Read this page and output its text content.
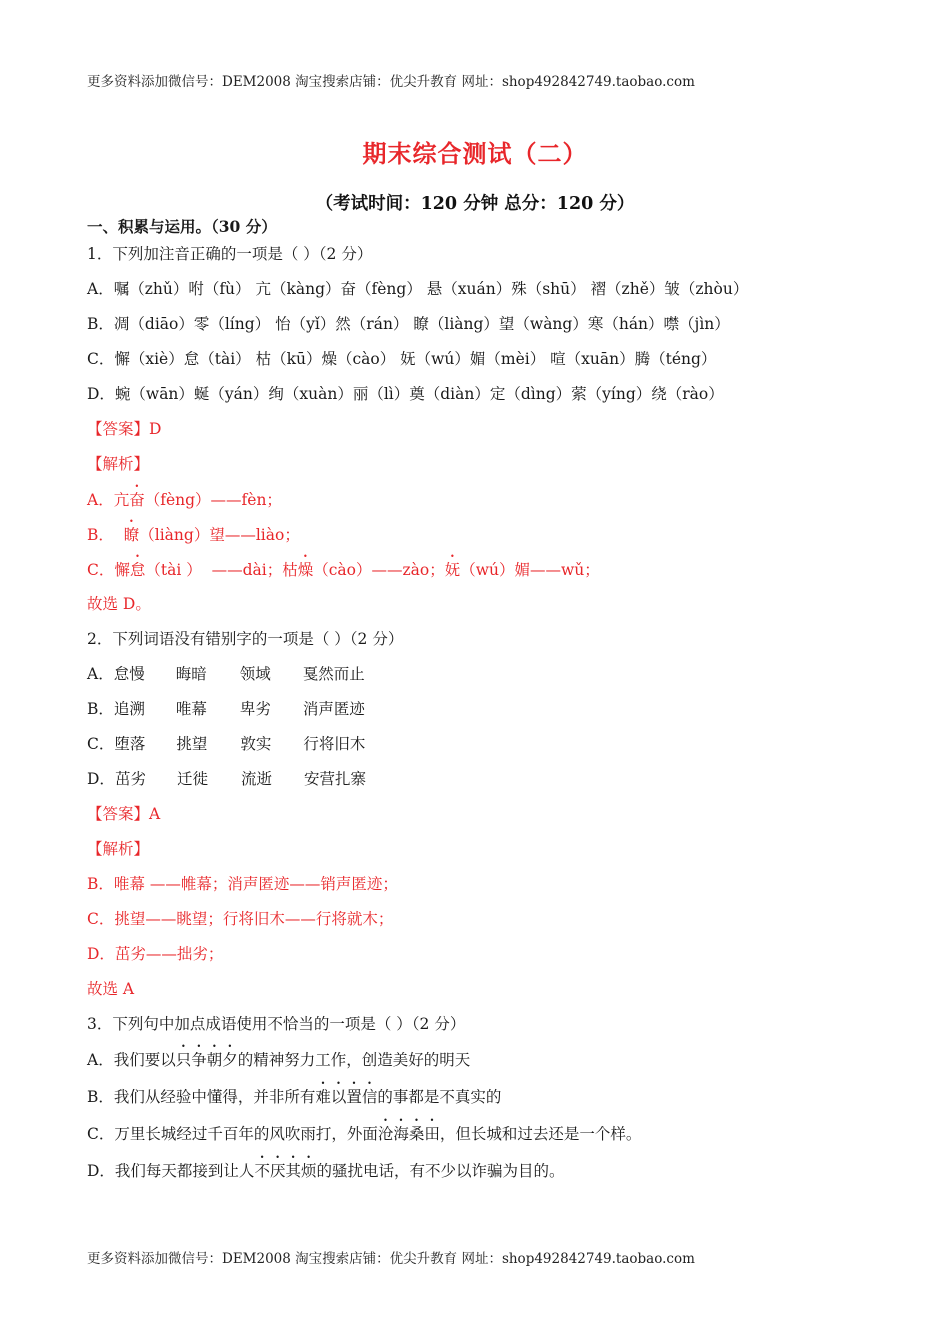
更多资料添加微信号：DEM2008 淘宝搜索店铺：优尖升教育 网址：shop492842749.taobao.com
期末综合测试（二）
（考试时间：120 分钟 总分：120 分）
一、积累与运用。（30 分）
1．下列加注音正确的一项是（ ）（2 分）
A．嘱（zhǔ）咐（fù） 亢（kàng）奋（fèng） 悬（xuán）殊（shū） 褶（zhě）皱（zhòu）
B．凋（diāo）零（líng） 怡（yǐ）然（rán） 瞭（liàng）望（wàng）寒（hán）噤（jìn）
C．懈（xiè）怠（tài） 枯（kū）燥（cào） 妩（wú）媚（mèi） 喧（xuān）腾（téng）
D．蜿（wān）蜒（yán）绚（xuàn）丽（lì）奠（diàn）定（dìng）萦（yíng）绕（rào）
【答案】D
【解析】
A．亢奋（fèng）——fèn；
B．  瞭（liàng）望——liào；
C．懈怠（tài ）  ——dài；枯燥（cào）——zào；妩（wú）媚——wǔ；
故选 D。
2．下列词语没有错别字的一项是（ ）（2 分）
A．怠慢 晦暗 领域 戛然而止
B．追溯 唯幕 卑劣 消声匿迹
C．堕落 挑望 敦实 行将旧木
D．茁劣 迁徙 流逝 安营扎寨
【答案】A
【解析】
B．唯幕 ——帷幕；消声匿迹——销声匿迹；
C．挑望——眺望；行将旧木——行将就木；
D．茁劣——拙劣；
故选 A
3．下列句中加点成语使用不恰当的一项是（ ）（2 分）
A．我们要以只争朝夕的精神努力工作，创造美好的明天
B．我们从经验中懂得，并非所有难以置信的事都是不真实的
C．万里长城经过千百年的风吹雨打，外面沧海桑田，但长城和过去还是一个样。
D．我们每天都接到让人不厌其烦的骚扰电话，有不少以诈骗为目的。
更多资料添加微信号：DEM2008 淘宝搜索店铺：优尖升教育 网址：shop492842749.taobao.com
